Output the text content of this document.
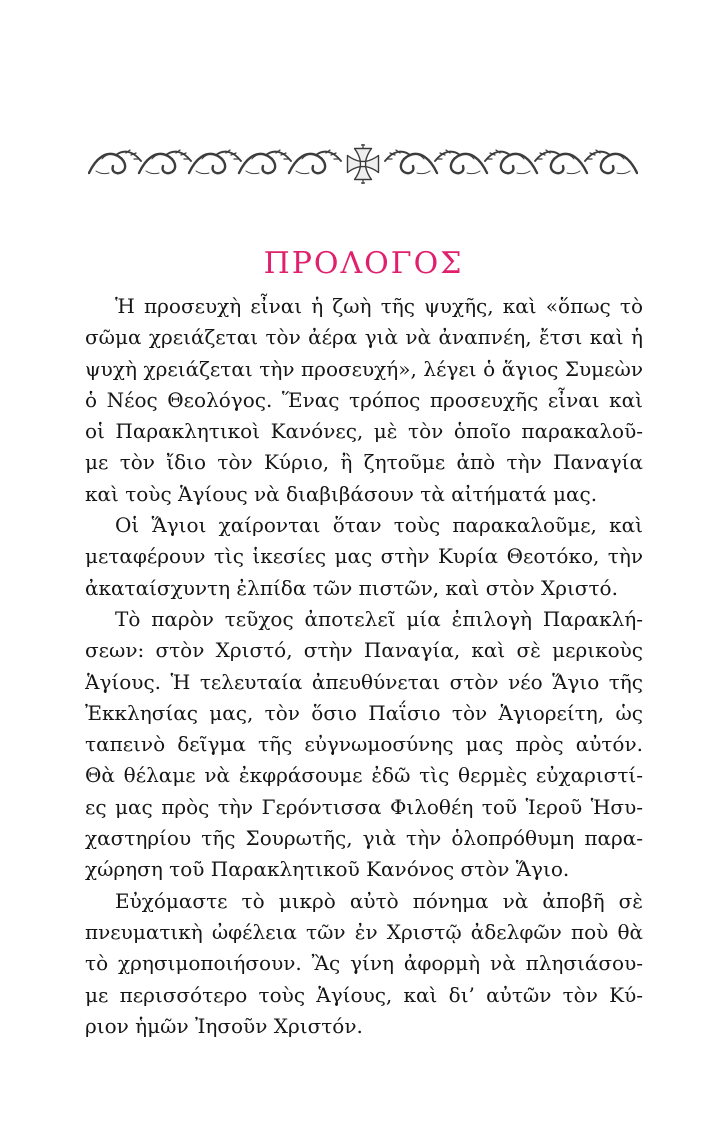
ΠΡΟΛΟΓΟΣ
Ἡ προσευχὴ εἶναι ἡ ζωὴ τῆς ψυχῆς, καὶ «ὅπως τὸ
σῶμα χρειάζεται τὸν ἀέρα γιὰ νὰ ἀναπνέη, ἔτσι καὶ ἡ
ψυχὴ χρειάζεται τὴν προσευχή», λέγει ὁ ἅγιος Συμεὼν
ὁ Νέος Θεολόγος. Ἕνας τρόπος προσευχῆς εἶναι καὶ
οἱ Παρακλητικοὶ Κανόνες, μὲ τὸν ὁποῖο παρακαλοῦ-
με τὸν ἴδιο τὸν Κύριο, ἢ ζητοῦμε ἀπὸ τὴν Παναγία
καὶ τοὺς Ἁγίους νὰ διαβιβάσουν τὰ αἰτήματά μας.
Οἱ Ἅγιοι χαίρονται ὅταν τοὺς παρακαλοῦμε, καὶ
μεταφέρουν τὶς ἱκεσίες μας στὴν Κυρία Θεοτόκο, τὴν
ἀκαταίσχυντη ἐλπίδα τῶν πιστῶν, καὶ στὸν Χριστό.
Τὸ παρὸν τεῦχος ἀποτελεῖ μία ἐπιλογὴ Παρακλή-
σεων: στὸν Χριστό, στὴν Παναγία, καὶ σὲ μερικοὺς
Ἁγίους. Ἡ τελευταία ἀπευθύνεται στὸν νέο Ἅγιο τῆς
Ἐκκλησίας μας, τὸν ὅσιο Παΐσιο τὸν Ἁγιορείτη, ὡς
ταπεινὸ δεῖγμα τῆς εὐγνωμοσύνης μας πρὸς αὐτόν.
Θὰ θέλαμε νὰ ἐκφράσουμε ἐδῶ τὶς θερμὲς εὐχαριστί-
ες μας πρὸς τὴν Γερόντισσα Φιλοθέη τοῦ Ἱεροῦ Ἡσυ-
χαστηρίου τῆς Σουρωτῆς, γιὰ τὴν ὁλοπρόθυμη παρα-
χώρηση τοῦ Παρακλητικοῦ Κανόνος στὸν Ἅγιο.
Εὐχόμαστε τὸ μικρὸ αὐτὸ πόνημα νὰ ἀποβῆ σὲ
πνευματικὴ ὠφέλεια τῶν ἐν Χριστῷ ἀδελφῶν ποὺ θὰ
τὸ χρησιμοποιήσουν. Ἂς γίνη ἀφορμὴ νὰ πλησιάσου-
με περισσότερο τοὺς Ἁγίους, καὶ δι’ αὐτῶν τὸν Κύ-
ριον ἡμῶν Ἰησοῦν Χριστόν.
